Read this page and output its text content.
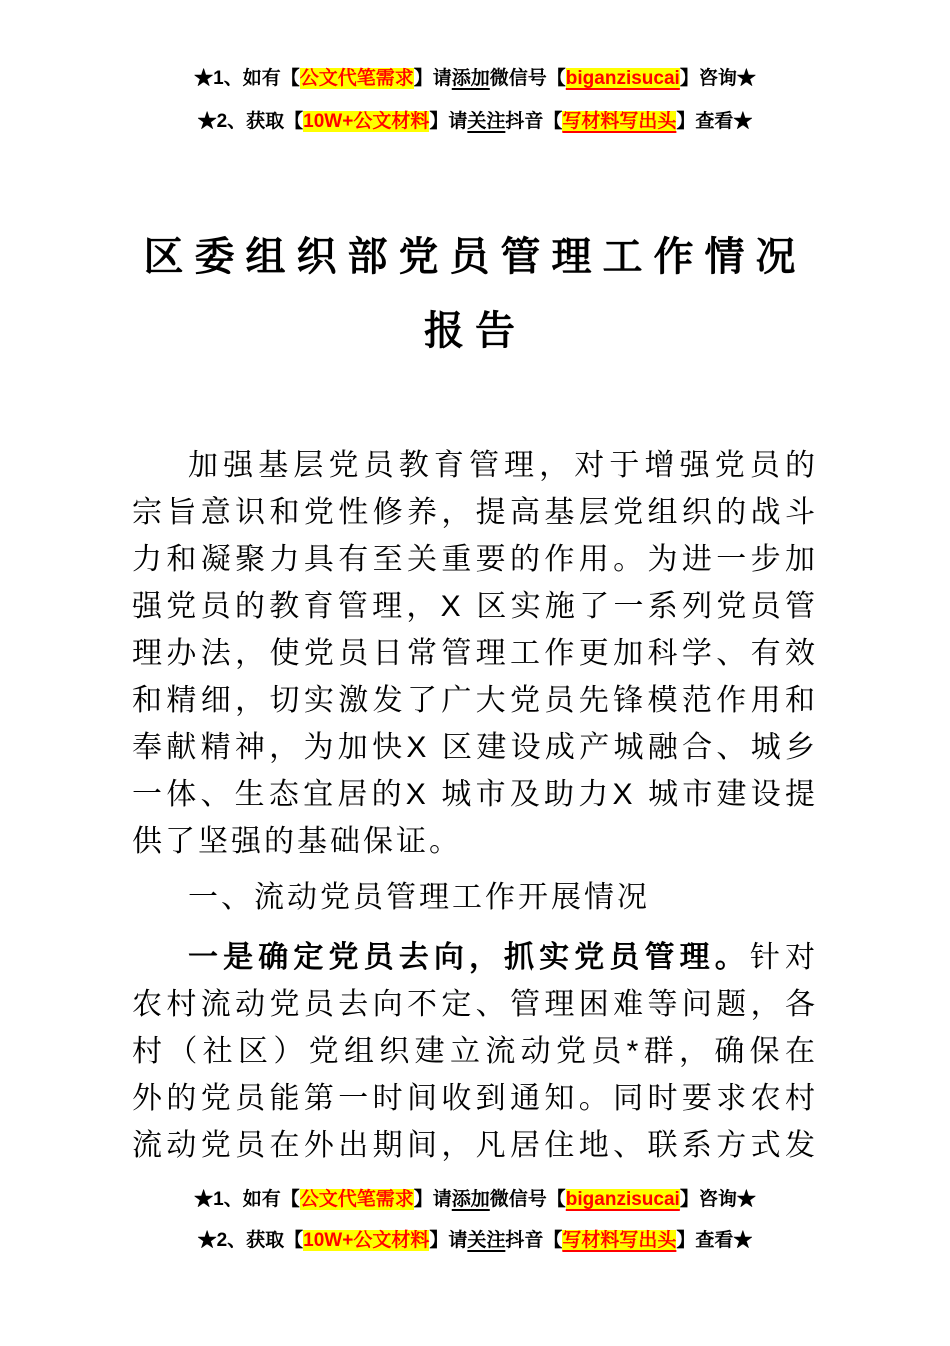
★1、如有【公文代笔需求】请添加微信号【biganzisucai】咨询★
★2、获取【10W+公文材料】请关注抖音【写材料写出头】查看★
区委组织部党员管理工作情况
报告
加强基层党员教育管理，对于增强党员的
宗旨意识和党性修养，提高基层党组织的战斗
力和凝聚力具有至关重要的作用。为进一步加
强党员的教育管理，X 区实施了一系列党员管
理办法，使党员日常管理工作更加科学、有效
和精细，切实激发了广大党员先锋模范作用和
奉献精神，为加快X 区建设成产城融合、城乡
一体、生态宜居的X 城市及助力X 城市建设提
供了坚强的基础保证。
一、流动党员管理工作开展情况
一是确定党员去向，抓实党员管理。针对
农村流动党员去向不定、管理困难等问题，各
村（社区）党组织建立流动党员*群，确保在
外的党员能第一时间收到通知。同时要求农村
流动党员在外出期间，凡居住地、联系方式发
★1、如有【公文代笔需求】请添加微信号【biganzisucai】咨询★
★2、获取【10W+公文材料】请关注抖音【写材料写出头】查看★
